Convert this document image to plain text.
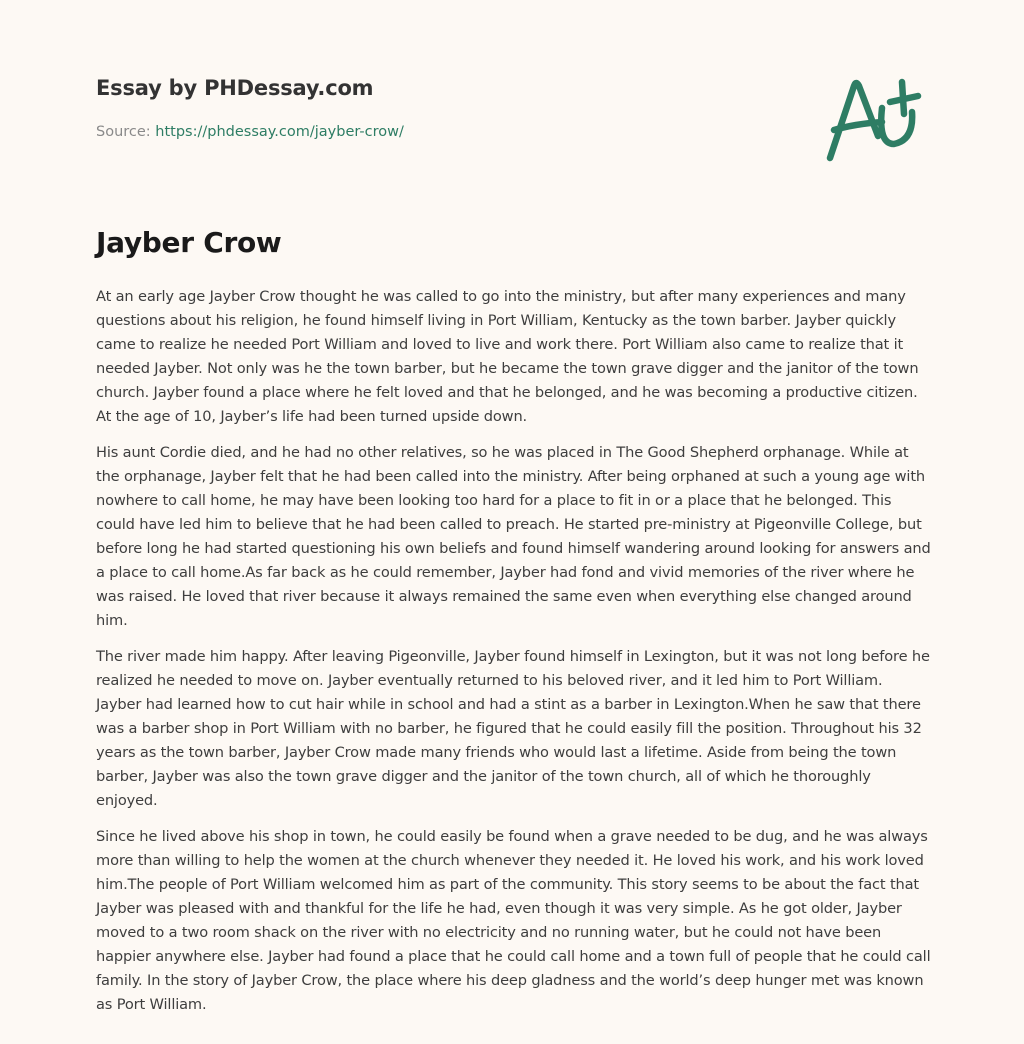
Essay by PHDessay.com
Source: https://phdessay.com/jayber-crow/
Jayber Crow

At an early age Jayber Crow thought he was called to go into the ministry, but after many experiences and many questions about his religion, he found himself living in Port William, Kentucky as the town barber. Jayber quickly came to realize he needed Port William and loved to live and work there. Port William also came to realize that it needed Jayber. Not only was he the town barber, but he became the town grave digger and the janitor of the town church. Jayber found a place where he felt loved and that he belonged, and he was becoming a productive citizen. At the age of 10, Jayber’s life had been turned upside down.

His aunt Cordie died, and he had no other relatives, so he was placed in The Good Shepherd orphanage. While at the orphanage, Jayber felt that he had been called into the ministry. After being orphaned at such a young age with nowhere to call home, he may have been looking too hard for a place to fit in or a place that he belonged. This could have led him to believe that he had been called to preach. He started pre-ministry at Pigeonville College, but before long he had started questioning his own beliefs and found himself wandering around looking for answers and a place to call home.As far back as he could remember, Jayber had fond and vivid memories of the river where he was raised. He loved that river because it always remained the same even when everything else changed around him.

The river made him happy. After leaving Pigeonville, Jayber found himself in Lexington, but it was not long before he realized he needed to move on. Jayber eventually returned to his beloved river, and it led him to Port William. Jayber had learned how to cut hair while in school and had a stint as a barber in Lexington.When he saw that there was a barber shop in Port William with no barber, he figured that he could easily fill the position. Throughout his 32 years as the town barber, Jayber Crow made many friends who would last a lifetime. Aside from being the town barber, Jayber was also the town grave digger and the janitor of the town church, all of which he thoroughly enjoyed.

Since he lived above his shop in town, he could easily be found when a grave needed to be dug, and he was always more than willing to help the women at the church whenever they needed it. He loved his work, and his work loved him.The people of Port William welcomed him as part of the community. This story seems to be about the fact that Jayber was pleased with and thankful for the life he had, even though it was very simple. As he got older, Jayber moved to a two room shack on the river with no electricity and no running water, but he could not have been happier anywhere else. Jayber had found a place that he could call home and a town full of people that he could call family. In the story of Jayber Crow, the place where his deep gladness and the world’s deep hunger met was known as Port William.
